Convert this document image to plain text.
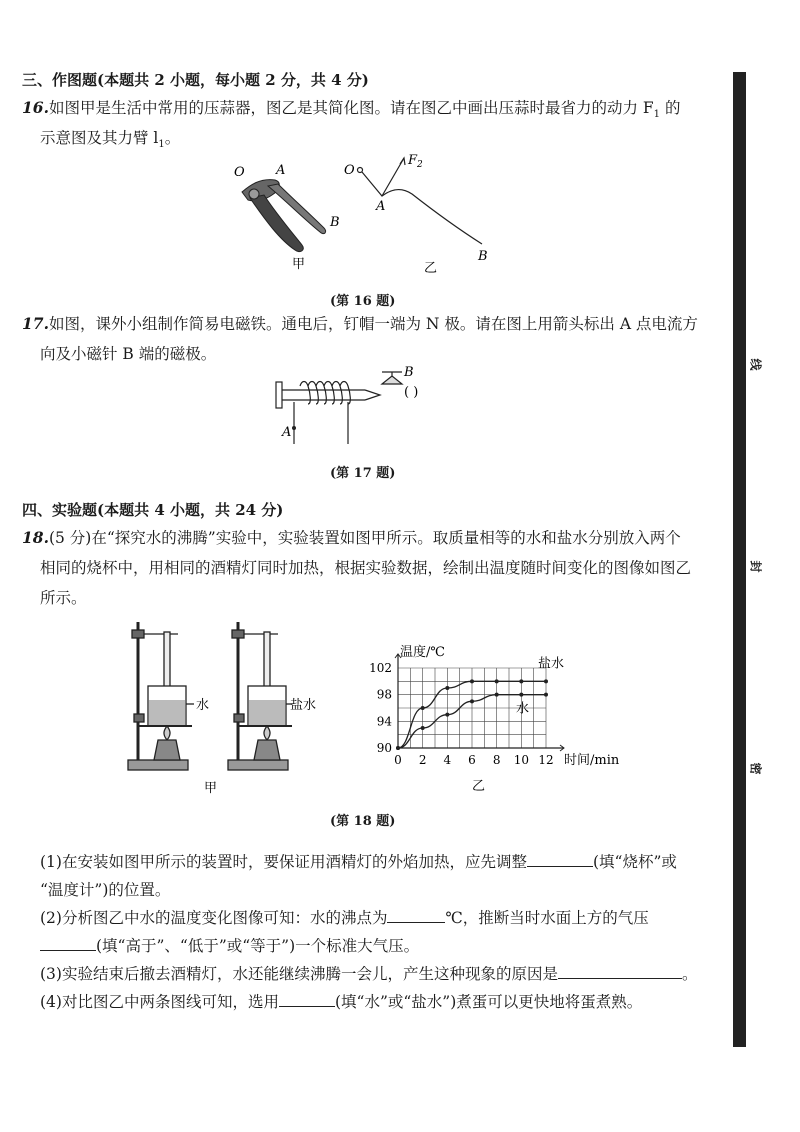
三、作图题(本题共 2 小题，每小题 2 分，共 4 分)
16.如图甲是生活中常用的压蒜器，图乙是其简化图。请在图乙中画出压蒜时最省力的动力 $F_1$ 的
示意图及其力臂 $l_1$。
O A
B
甲
O
A
$F_2$
B
乙
(第 16 题)
17.如图，课外小组制作简易电磁铁。通电后，钉帽一端为 N 极。请在图上用箭头标出 A 点电流方
向及小磁针 B 端的磁极。
A
B
( )
(第 17 题)
四、实验题(本题共 4 小题，共 24 分)
18.(5 分)在“探究水的沸腾”实验中，实验装置如图甲所示。取质量相等的水和盐水分别放入两个
相同的烧杯中，用相同的酒精灯同时加热，根据实验数据，绘制出温度随时间变化的图像如图乙
所示。
水	盐水
甲
0 2 4 6 8 10 12
90
94
98
102	盐水
水
温度/℃
时间/min
乙
(第 18 题)
(1)在安装如图甲所示的装置时，要保证用酒精灯的外焰加热，应先调整	(填“烧杯”或
“温度计”)的位置。
(2)分析图乙中水的温度变化图像可知：水的沸点为	℃，推断当时水面上方的气压
(填“高于”、“低于”或“等于”)一个标准大气压。
(3)实验结束后撤去酒精灯，水还能继续沸腾一会儿，产生这种现象的原因是	。
(4)对比图乙中两条图线可知，选用	(填“水”或“盐水”)煮蛋可以更快地将蛋煮熟。
线
封
密
